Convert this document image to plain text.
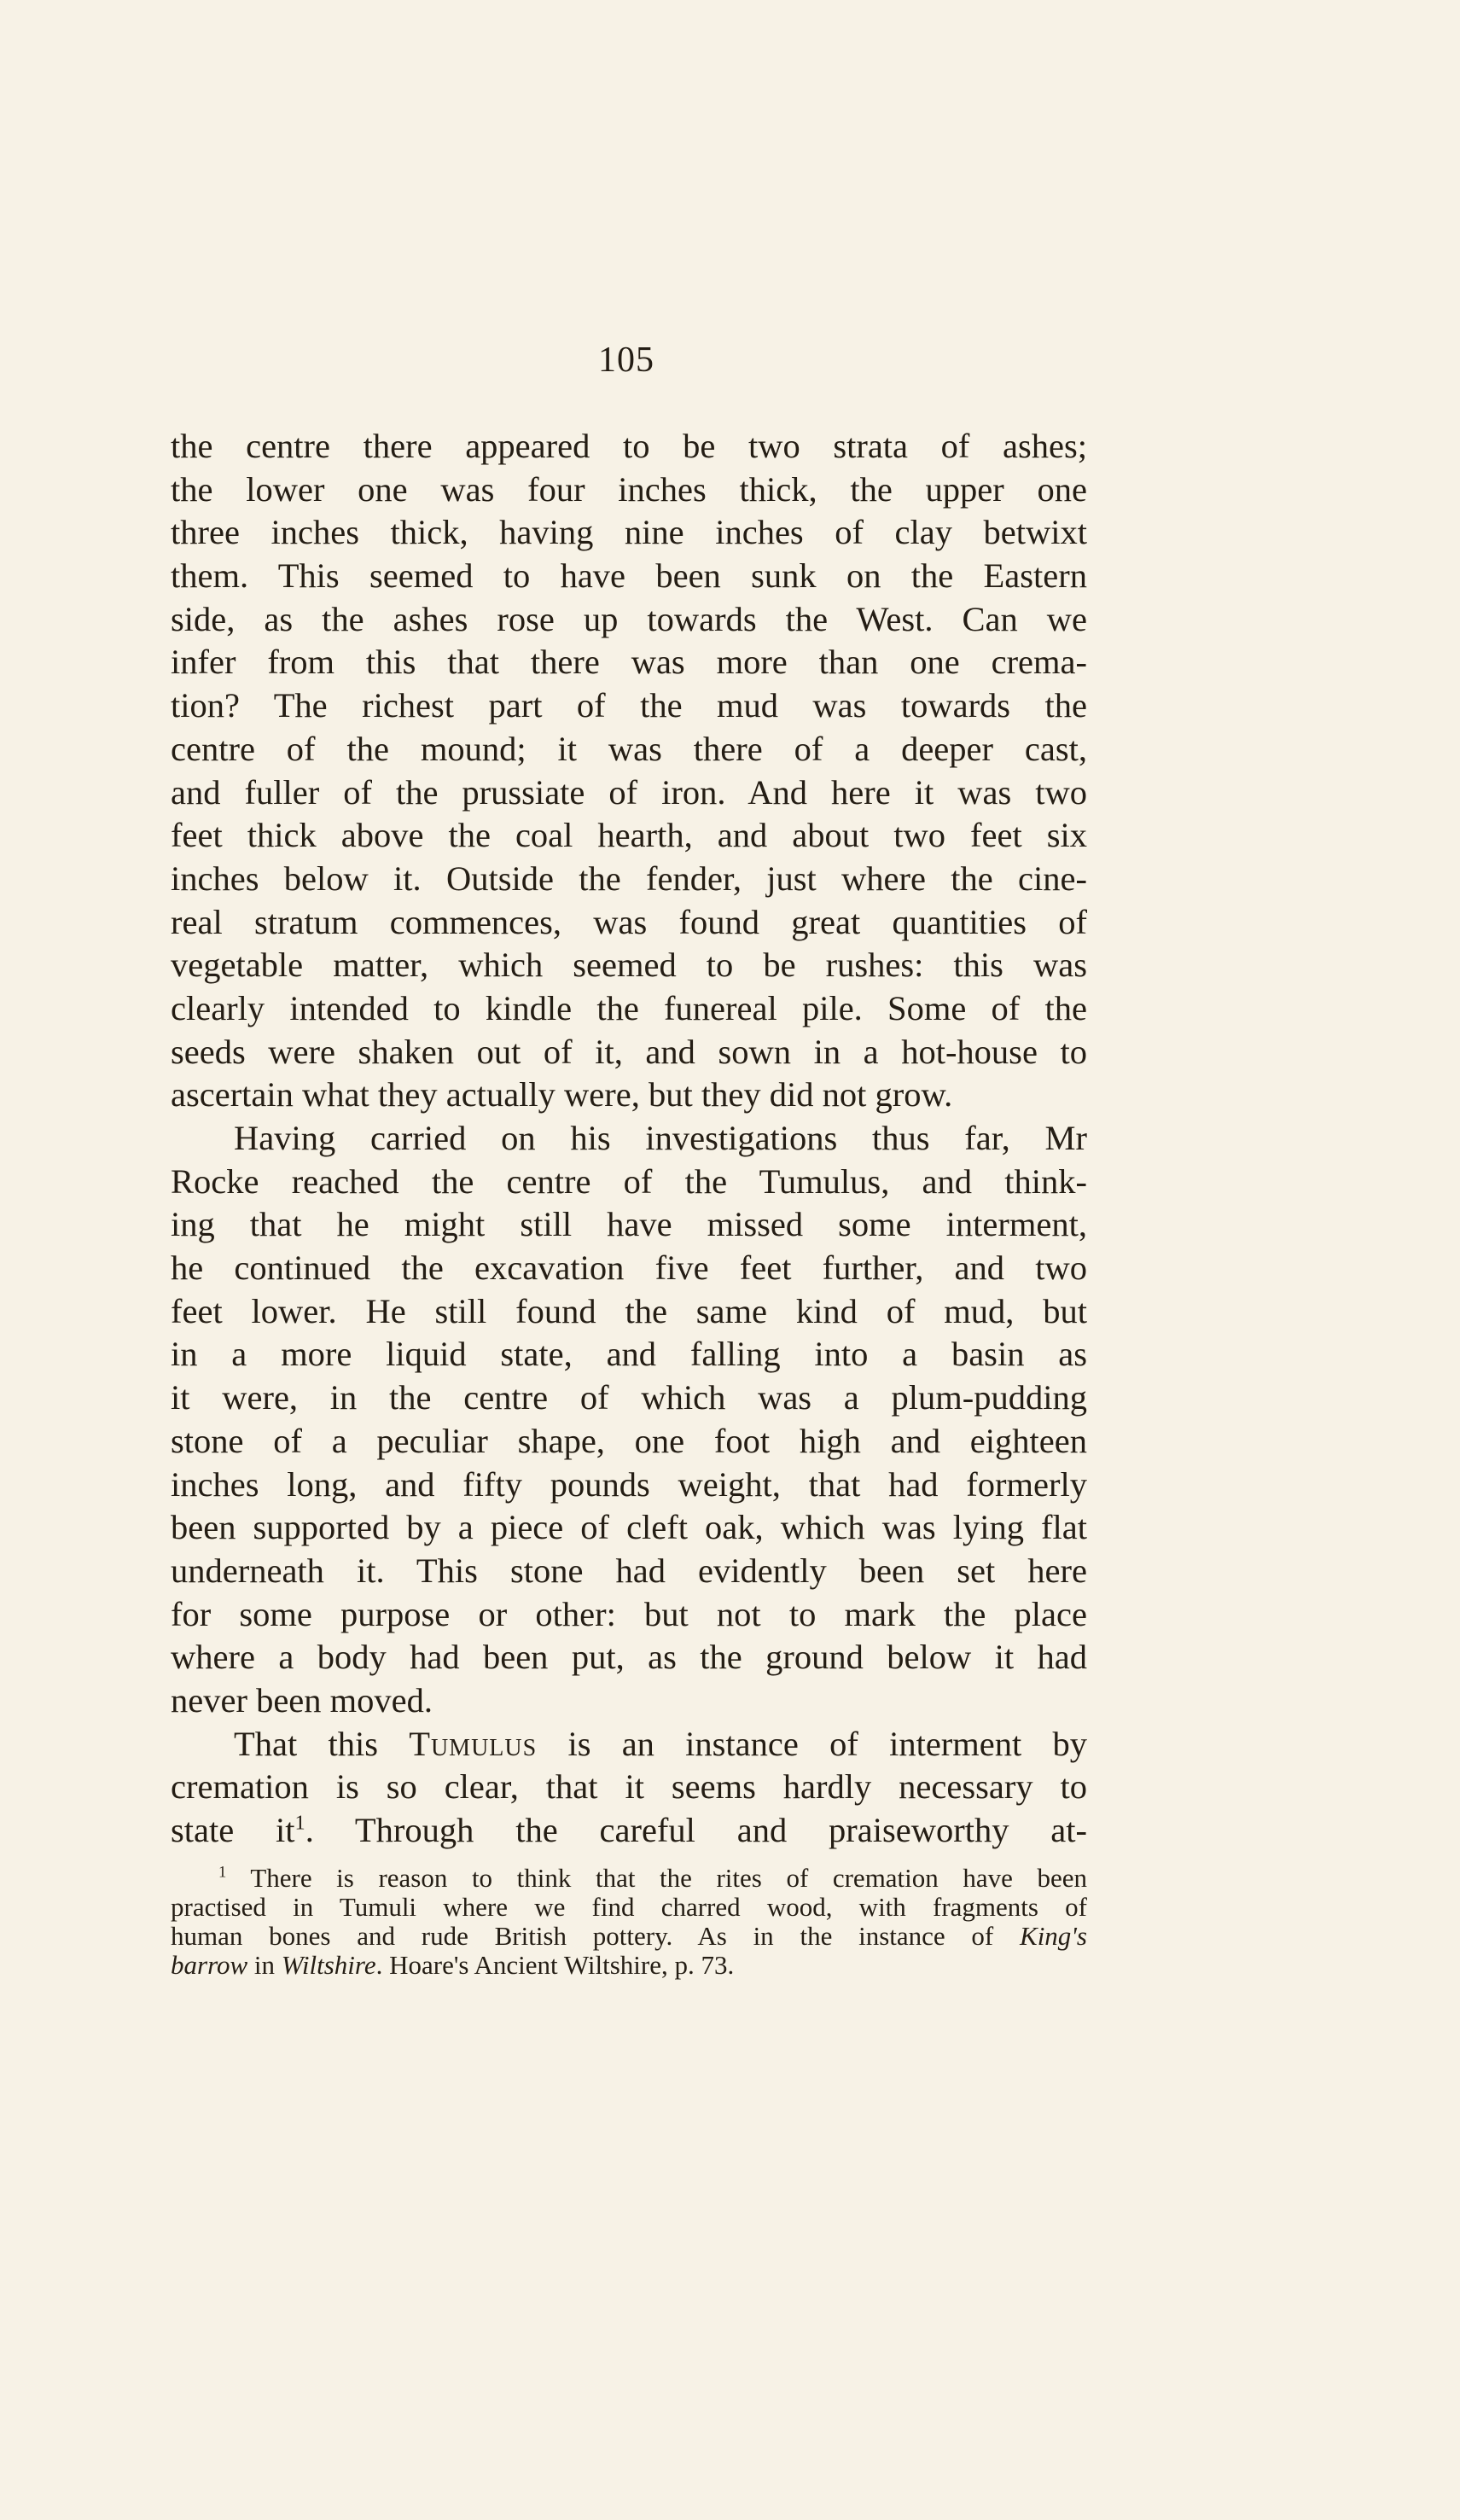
105
the centre there appeared to be two strata of ashes;
the lower one was four inches thick, the upper one
three inches thick, having nine inches of clay betwixt
them. This seemed to have been sunk on the Eastern
side, as the ashes rose up towards the West. Can we
infer from this that there was more than one crema-
tion? The richest part of the mud was towards the
centre of the mound; it was there of a deeper cast,
and fuller of the prussiate of iron. And here it was two
feet thick above the coal hearth, and about two feet six
inches below it. Outside the fender, just where the cine-
real stratum commences, was found great quantities of
vegetable matter, which seemed to be rushes: this was
clearly intended to kindle the funereal pile. Some of the
seeds were shaken out of it, and sown in a hot-house to
ascertain what they actually were, but they did not grow.
Having carried on his investigations thus far, Mr
Rocke reached the centre of the Tumulus, and think-
ing that he might still have missed some interment,
he continued the excavation five feet further, and two
feet lower. He still found the same kind of mud, but
in a more liquid state, and falling into a basin as
it were, in the centre of which was a plum-pudding
stone of a peculiar shape, one foot high and eighteen
inches long, and fifty pounds weight, that had formerly
been supported by a piece of cleft oak, which was lying flat
underneath it. This stone had evidently been set here
for some purpose or other: but not to mark the place
where a body had been put, as the ground below it had
never been moved.
That this Tumulus is an instance of interment by
cremation is so clear, that it seems hardly necessary to
state $it^1$. Through the careful and praiseworthy at-
$^1$ There is reason to think that the rites of cremation have been
practised in Tumuli where we find charred wood, with fragments of
human bones and rude British pottery. As in the instance of King's
barrow in Wiltshire. Hoare's Ancient Wiltshire, p. 73.
